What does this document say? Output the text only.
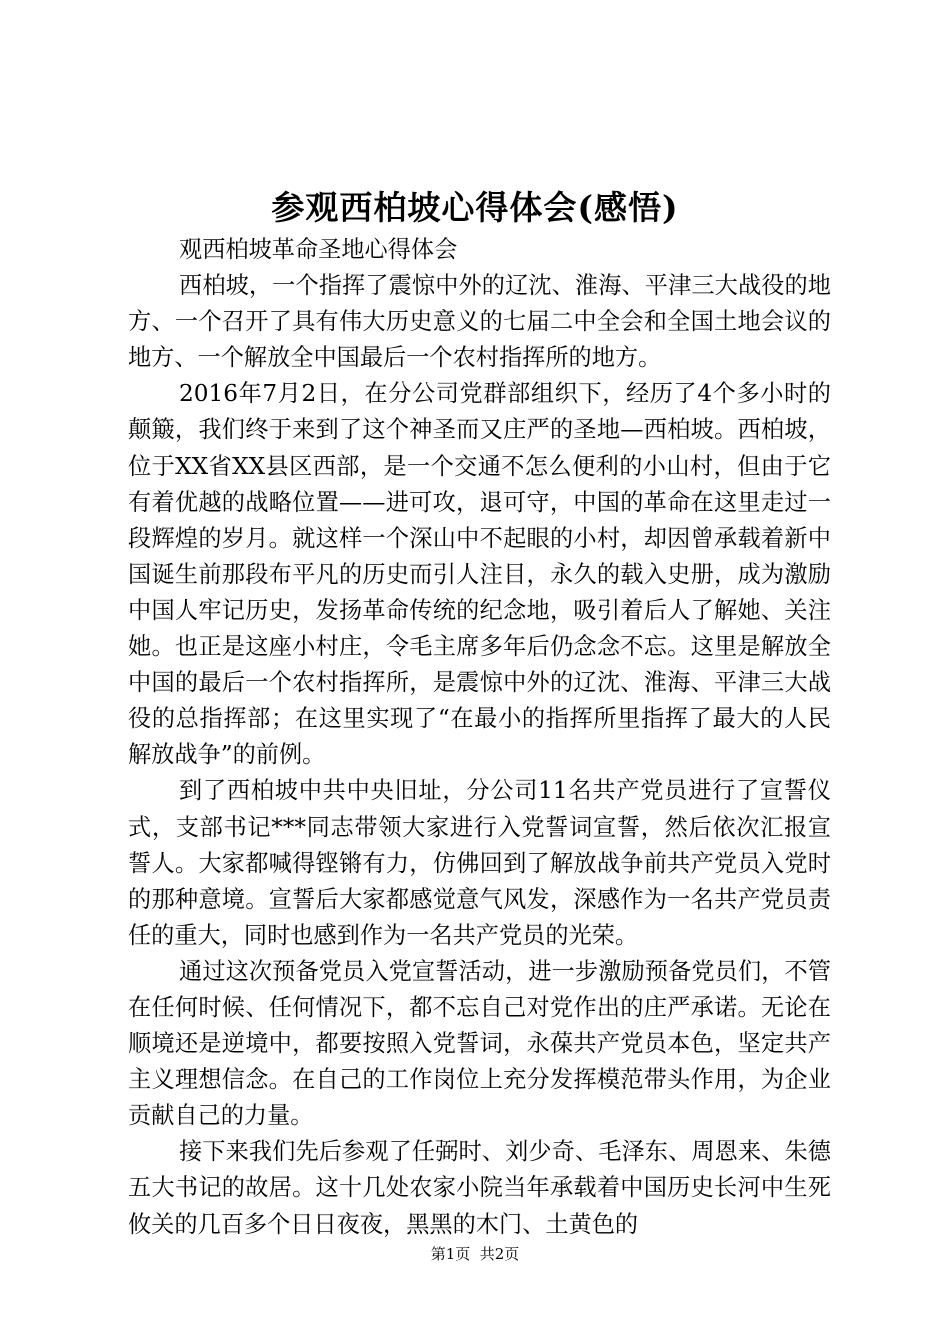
参观西柏坡心得体会(感悟)

观西柏坡革命圣地心得体会

西柏坡，一个指挥了震惊中外的辽沈、淮海、平津三大战役的地方、一个召开了具有伟大历史意义的七届二中全会和全国土地会议的地方、一个解放全中国最后一个农村指挥所的地方。

2016年7月2日，在分公司党群部组织下，经历了4个多小时的颠簸，我们终于来到了这个神圣而又庄严的圣地—西柏坡。西柏坡，位于XX省XX县区西部，是一个交通不怎么便利的小山村，但由于它有着优越的战略位置——进可攻，退可守，中国的革命在这里走过一段辉煌的岁月。就这样一个深山中不起眼的小村，却因曾承载着新中国诞生前那段布平凡的历史而引人注目，永久的载入史册，成为激励中国人牢记历史，发扬革命传统的纪念地，吸引着后人了解她、关注她。也正是这座小村庄，令毛主席多年后仍念念不忘。这里是解放全中国的最后一个农村指挥所，是震惊中外的辽沈、淮海、平津三大战役的总指挥部；在这里实现了“在最小的指挥所里指挥了最大的人民解放战争”的前例。

到了西柏坡中共中央旧址，分公司11名共产党员进行了宣誓仪式，支部书记***同志带领大家进行入党誓词宣誓，然后依次汇报宣誓人。大家都喊得铿锵有力，仿佛回到了解放战争前共产党员入党时的那种意境。宣誓后大家都感觉意气风发，深感作为一名共产党员责任的重大，同时也感到作为一名共产党员的光荣。

通过这次预备党员入党宣誓活动，进一步激励预备党员们，不管在任何时候、任何情况下，都不忘自己对党作出的庄严承诺。无论在顺境还是逆境中，都要按照入党誓词，永葆共产党员本色，坚定共产主义理想信念。在自己的工作岗位上充分发挥模范带头作用，为企业贡献自己的力量。

接下来我们先后参观了任弼时、刘少奇、毛泽东、周恩来、朱德五大书记的故居。这十几处农家小院当年承载着中国历史长河中生死攸关的几百多个日日夜夜，黑黑的木门、土黄色的

第1页  共2页
